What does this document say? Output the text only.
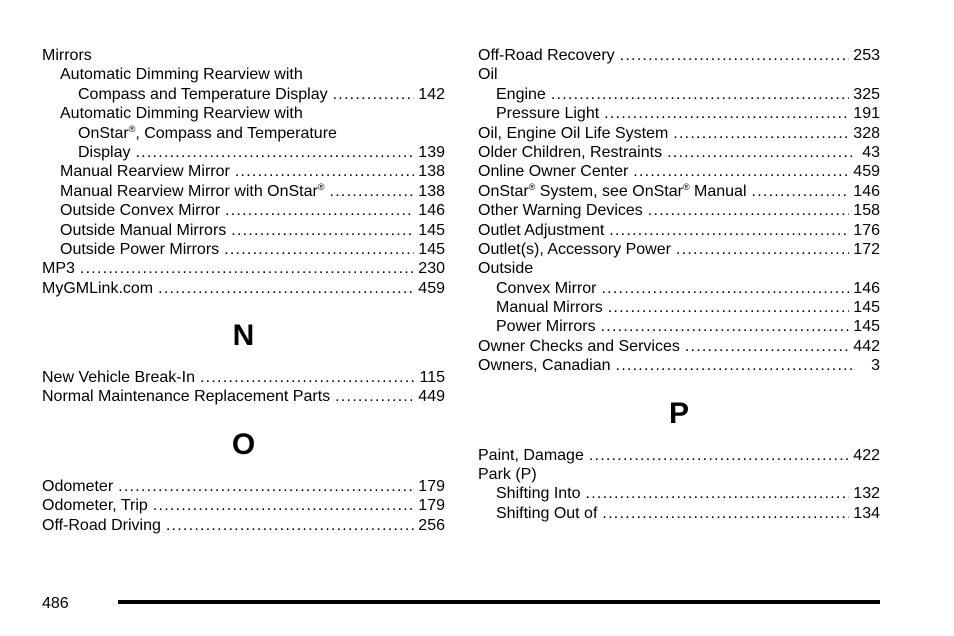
Mirrors
Automatic Dimming Rearview with
Compass and Temperature Display . . .	142
Automatic Dimming Rearview with
OnStar®, Compass and Temperature
Display . . .	139
Manual Rearview Mirror . . .	138
Manual Rearview Mirror with OnStar® . . .	138
Outside Convex Mirror . . .	146
Outside Manual Mirrors . . .	145
Outside Power Mirrors . . .	145
MP3 . . .	230
MyGMLink.com . . .	459
N
New Vehicle Break-In . . .	115
Normal Maintenance Replacement Parts . . .	449
O
Odometer . . .	179
Odometer, Trip . . .	179
Off-Road Driving . . .	256
Off-Road Recovery . . .	253
Oil
Engine . . .	325
Pressure Light . . .	191
Oil, Engine Oil Life System . . .	328
Older Children, Restraints . . .	43
Online Owner Center . . .	459
OnStar® System, see OnStar® Manual . . .	146
Other Warning Devices . . .	158
Outlet Adjustment . . .	176
Outlet(s), Accessory Power . . .	172
Outside
Convex Mirror . . .	146
Manual Mirrors . . .	145
Power Mirrors . . .	145
Owner Checks and Services . . .	442
Owners, Canadian . . .	3
P
Paint, Damage . . .	422
Park (P)
Shifting Into . . .	132
Shifting Out of . . .	134
486
